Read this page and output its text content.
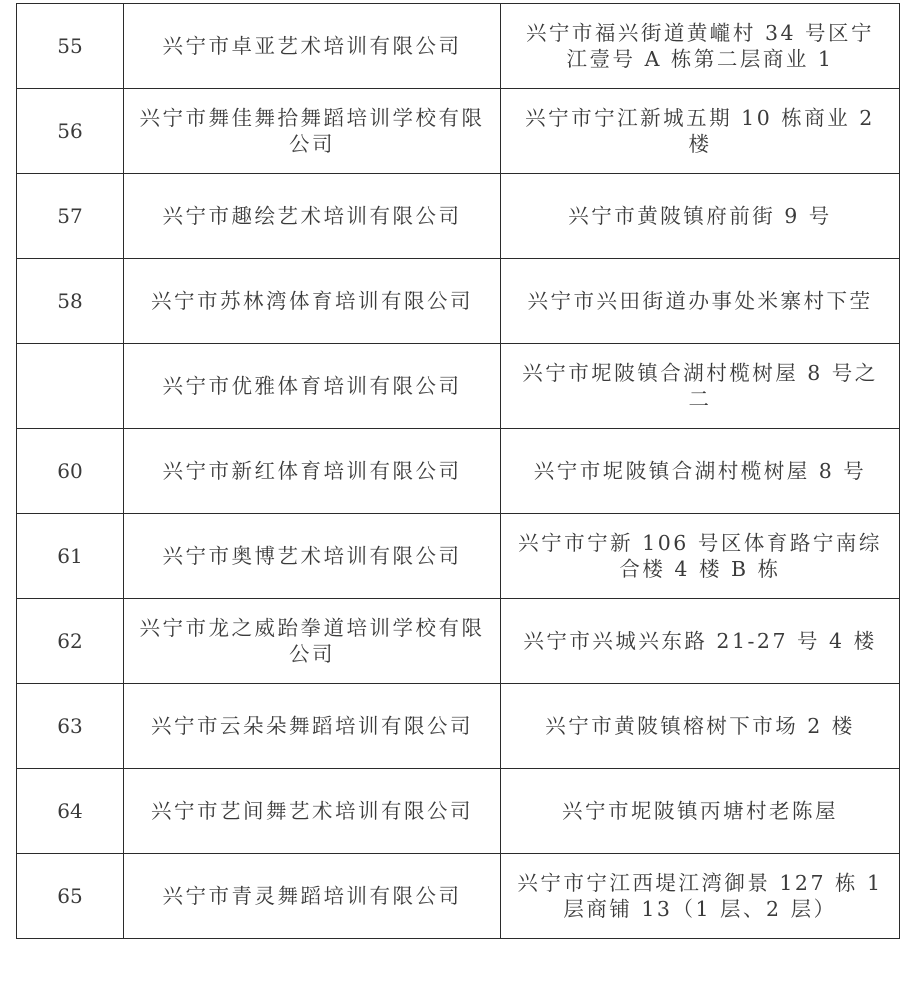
55	兴宁市卓亚艺术培训有限公司	兴宁市福兴街道黄巄村 34 号区宁江壹号 A 栋第二层商业 1
56	兴宁市舞佳舞拾舞蹈培训学校有限公司	兴宁市宁江新城五期 10 栋商业 2 楼
57	兴宁市趣绘艺术培训有限公司	兴宁市黄陂镇府前街 9 号
58	兴宁市苏林湾体育培训有限公司	兴宁市兴田街道办事处米寨村下茔
	兴宁市优雅体育培训有限公司	兴宁市坭陂镇合湖村榄树屋 8 号之二
60	兴宁市新红体育培训有限公司	兴宁市坭陂镇合湖村榄树屋 8 号
61	兴宁市奥博艺术培训有限公司	兴宁市宁新 106 号区体育路宁南综合楼 4 楼 B 栋
62	兴宁市龙之威跆拳道培训学校有限公司	兴宁市兴城兴东路 21-27 号 4 楼
63	兴宁市云朵朵舞蹈培训有限公司	兴宁市黄陂镇榕树下市场 2 楼
64	兴宁市艺间舞艺术培训有限公司	兴宁市坭陂镇丙塘村老陈屋
65	兴宁市青灵舞蹈培训有限公司	兴宁市宁江西堤江湾御景 127 栋 1 层商铺 13（1 层、2 层）
